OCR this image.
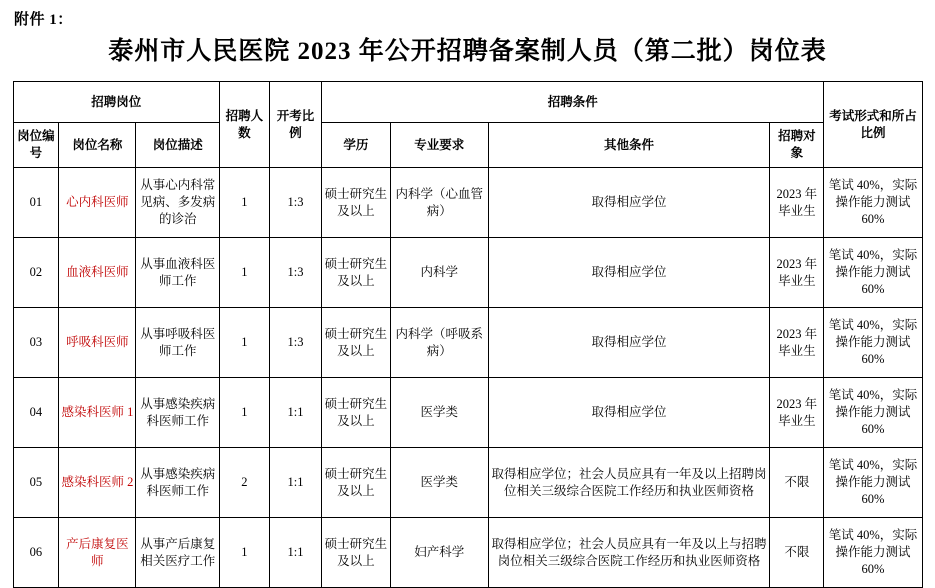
附件 1：
泰州市人民医院 2023 年公开招聘备案制人员（第二批）岗位表
招聘岗位			招聘人数	开考比例	招聘条件				考试形式和所占比例
岗位编号	岗位名称	岗位描述			学历	专业要求	其他条件	招聘对象	
01	心内科医师	从事心内科常见病、多发病的诊治	1	1:3	硕士研究生及以上	内科学（心血管病）	取得相应学位	2023 年毕业生	笔试 40%，实际操作能力测试 60%
02	血液科医师	从事血液科医师工作	1	1:3	硕士研究生及以上	内科学	取得相应学位	2023 年毕业生	笔试 40%，实际操作能力测试 60%
03	呼吸科医师	从事呼吸科医师工作	1	1:3	硕士研究生及以上	内科学（呼吸系病）	取得相应学位	2023 年毕业生	笔试 40%，实际操作能力测试 60%
04	感染科医师 1	从事感染疾病科医师工作	1	1:1	硕士研究生及以上	医学类	取得相应学位	2023 年毕业生	笔试 40%，实际操作能力测试 60%
05	感染科医师 2	从事感染疾病科医师工作	2	1:1	硕士研究生及以上	医学类	取得相应学位；社会人员应具有一年及以上招聘岗位相关三级综合医院工作经历和执业医师资格	不限	笔试 40%，实际操作能力测试 60%
06	产后康复医师	从事产后康复相关医疗工作	1	1:1	硕士研究生及以上	妇产科学	取得相应学位；社会人员应具有一年及以上与招聘岗位相关三级综合医院工作经历和执业医师资格	不限	笔试 40%，实际操作能力测试 60%
